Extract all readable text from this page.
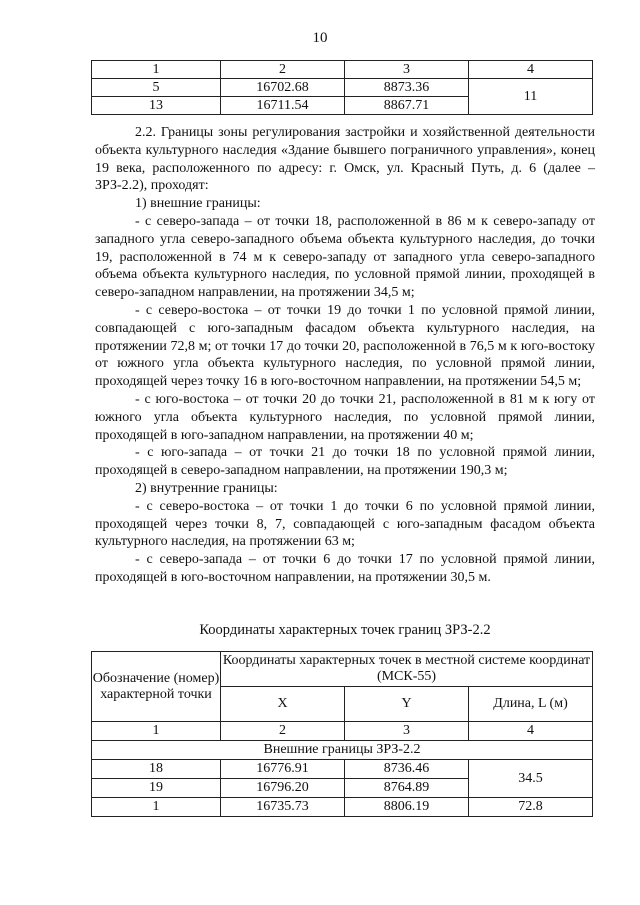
10
1	2	3	4
5	16702.68	8873.36	11
13	16711.54	8867.71	

2.2. Границы зоны регулирования застройки и хозяйственной деятельности объекта культурного наследия «Здание бывшего пограничного управления», конец 19 века, расположенного по адресу: г. Омск, ул. Красный Путь, д. 6 (далее – ЗРЗ-2.2), проходят:

1) внешние границы:

- с северо-запада – от точки 18, расположенной в 86 м к северо-западу от западного угла северо-западного объема объекта культурного наследия, до точки 19, расположенной в 74 м к северо-западу от западного угла северо-западного объема объекта культурного наследия, по условной прямой линии, проходящей в северо-западном направлении, на протяжении 34,5 м;

- с северо-востока – от точки 19 до точки 1 по условной прямой линии, совпадающей с юго-западным фасадом объекта культурного наследия, на протяжении 72,8 м; от точки 17 до точки 20, расположенной в 76,5 м к юго-востоку от южного угла объекта культурного наследия, по условной прямой линии, проходящей через точку 16 в юго-восточном направлении, на протяжении 54,5 м;

- с юго-востока – от точки 20 до точки 21, расположенной в 81 м к югу от южного угла объекта культурного наследия, по условной прямой линии, проходящей в юго-западном направлении, на протяжении 40 м;

- с юго-запада – от точки 21 до точки 18 по условной прямой линии, проходящей в северо-западном направлении, на протяжении 190,3 м;

2) внутренние границы:

- с северо-востока – от точки 1 до точки 6 по условной прямой линии, проходящей через точки 8, 7, совпадающей с юго-западным фасадом объекта культурного наследия, на протяжении 63 м;

- с северо-запада – от точки 6 до точки 17 по условной прямой линии, проходящей в юго-восточном направлении, на протяжении 30,5 м.

Координаты характерных точек границ ЗРЗ-2.2
Обозначение (номер) характерной точки	Координаты характерных точек в местной системе координат (МСК-55)		
	X	Y	Длина, L (м)
1	2	3	4
Внешние границы ЗРЗ-2.2			
18	16776.91	8736.46	34.5
19	16796.20	8764.89	
1	16735.73	8806.19	72.8
